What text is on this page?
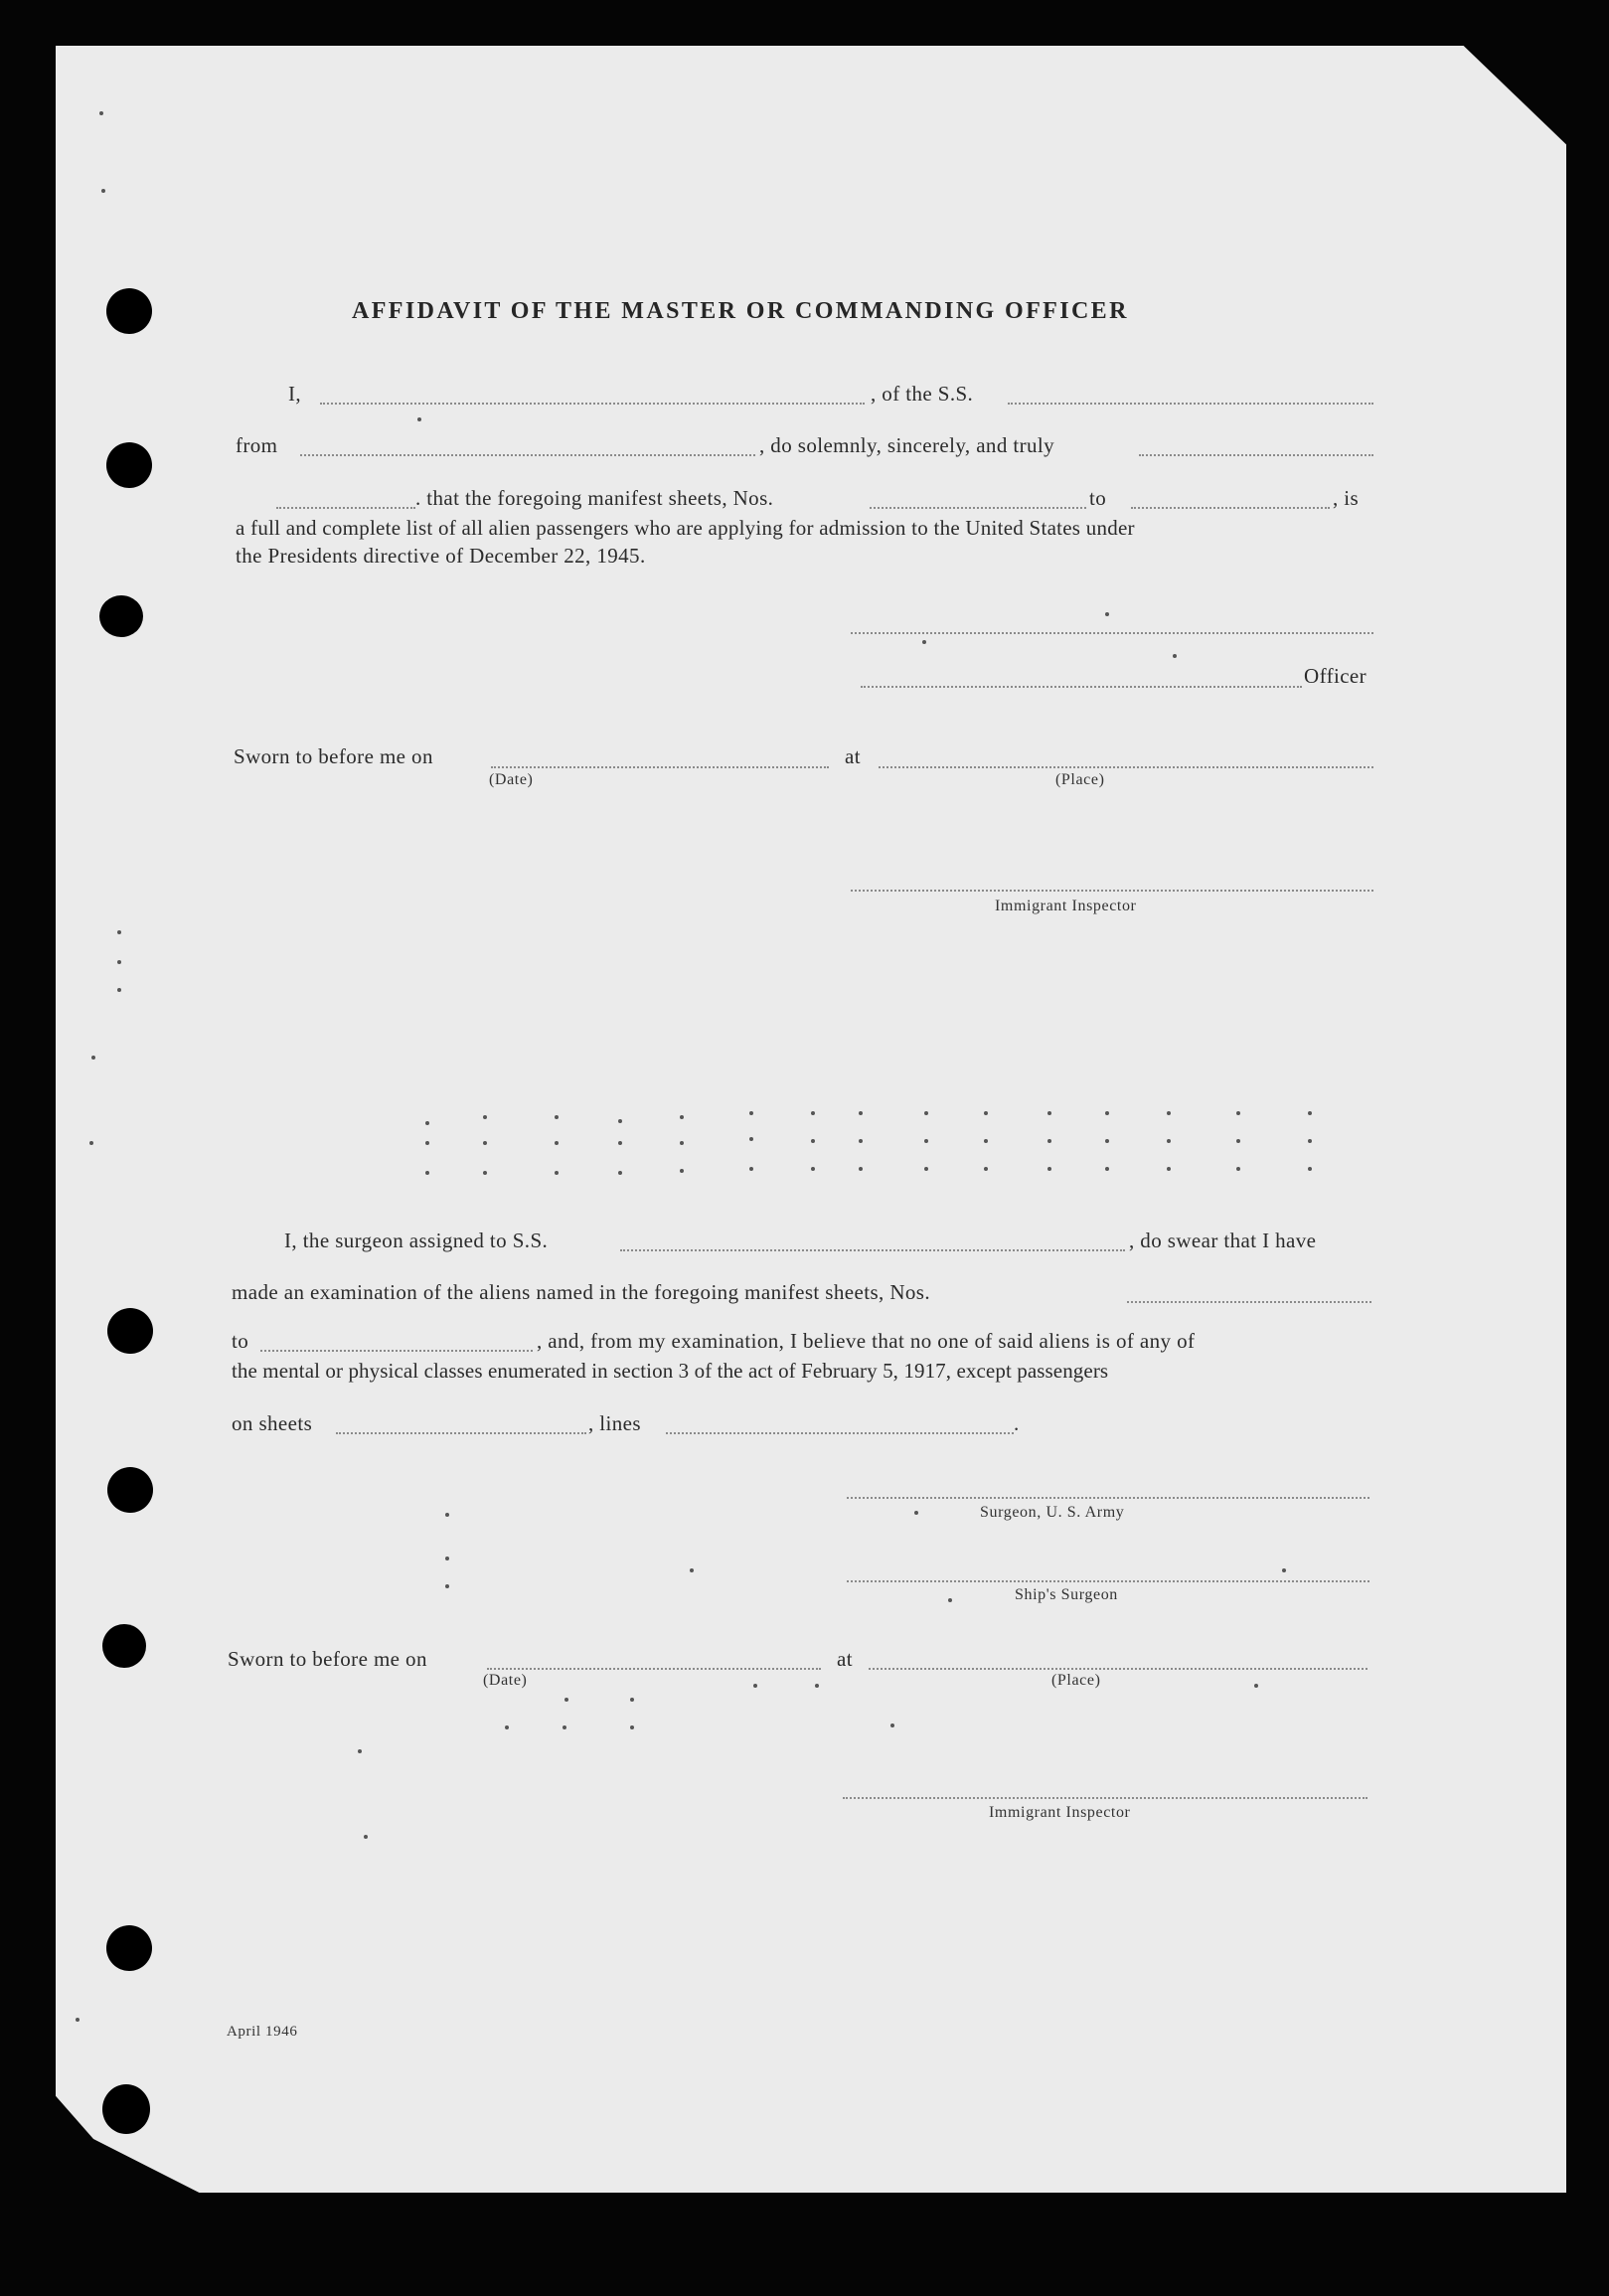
AFFIDAVIT OF THE MASTER OR COMMANDING OFFICER
I,	, of the S.S.
from	, do solemnly, sincerely, and truly
. that the foregoing manifest sheets, Nos.	to	, is
a full and complete list of all alien passengers who are applying for admission to the United States under
the Presidents directive of December 22, 1945.
Officer
Sworn to before me on	at
(Date)	(Place)
Immigrant Inspector
I, the surgeon assigned to S.S.	, do swear that I have
made an examination of the aliens named in the foregoing manifest sheets, Nos.
to	, and, from my examination, I believe that no one of said aliens is of any of
the mental or physical classes enumerated in section 3 of the act of February 5, 1917, except passengers
on sheets	, lines	.
Surgeon, U. S. Army
Ship's Surgeon
Sworn to before me on	at
(Date)	(Place)
Immigrant Inspector
April 1946
